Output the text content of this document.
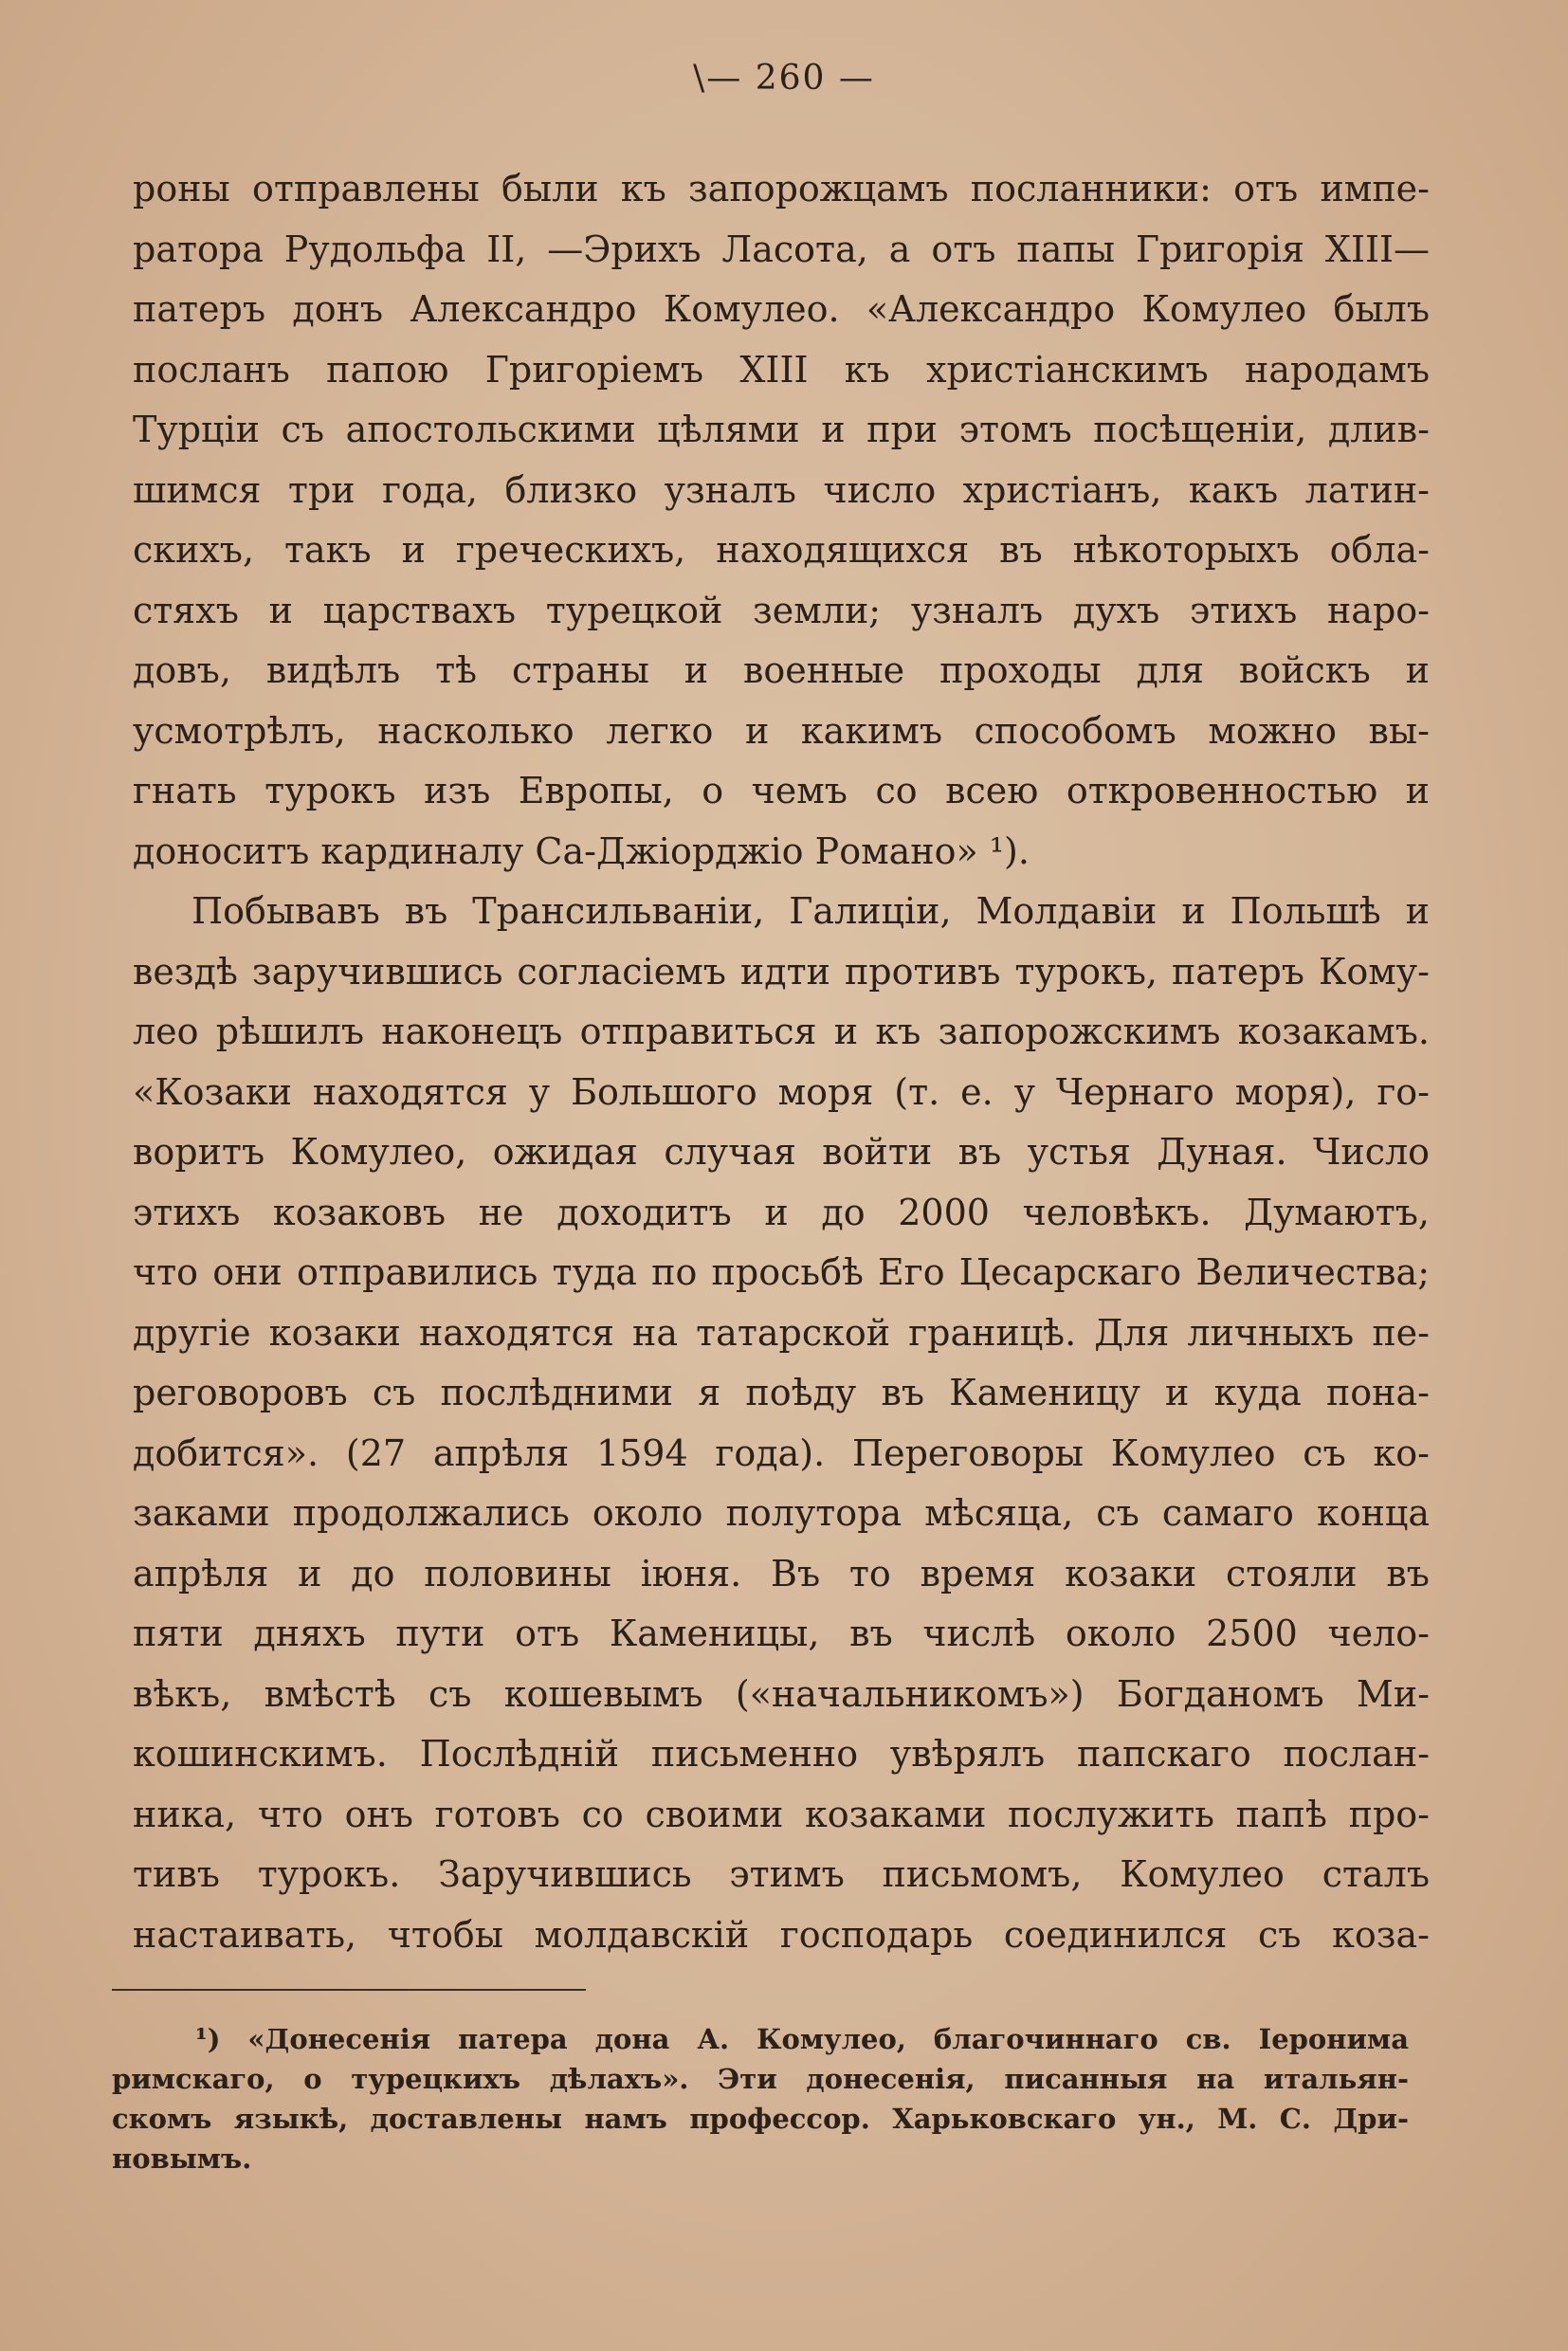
\— 260 —
роны отправлены были къ запорожцамъ посланники: отъ импе-
ратора Рудольфа II, —Эрихъ Ласота, а отъ папы Григорія XIII—
патеръ донъ Александро Комулео. «Александро Комулео былъ
посланъ папою Григоріемъ XIII къ христіанскимъ народамъ
Турціи съ апостольскими цѣлями и при этомъ посѣщеніи, длив-
шимся три года, близко узналъ число христіанъ, какъ латин-
скихъ, такъ и греческихъ, находящихся въ нѣкоторыхъ обла-
стяхъ и царствахъ турецкой земли; узналъ духъ этихъ наро-
довъ, видѣлъ тѣ страны и военные проходы для войскъ и
усмотрѣлъ, насколько легко и какимъ способомъ можно вы-
гнать турокъ изъ Европы, о чемъ со всею откровенностью и
доноситъ кардиналу Са-Джіорджіо Романо» ¹).
Побывавъ въ Трансильваніи, Галиціи, Молдавіи и Польшѣ и
вездѣ заручившись согласіемъ идти противъ турокъ, патеръ Кому-
лео рѣшилъ наконецъ отправиться и къ запорожскимъ козакамъ.
«Козаки находятся у Большого моря (т. е. у Чернаго моря), го-
воритъ Комулео, ожидая случая войти въ устья Дуная. Число
этихъ козаковъ не доходитъ и до 2000 человѣкъ. Думаютъ,
что они отправились туда по просьбѣ Его Цесарскаго Величества;
другіе козаки находятся на татарской границѣ. Для личныхъ пе-
реговоровъ съ послѣдними я поѣду въ Каменицу и куда пона-
добится». (27 апрѣля 1594 года). Переговоры Комулео съ ко-
заками продолжались около полутора мѣсяца, съ самаго конца
апрѣля и до половины іюня. Въ то время козаки стояли въ
пяти дняхъ пути отъ Каменицы, въ числѣ около 2500 чело-
вѣкъ, вмѣстѣ съ кошевымъ («начальникомъ») Богданомъ Ми-
кошинскимъ. Послѣдній письменно увѣрялъ папскаго послан-
ника, что онъ готовъ со своими козаками послужить папѣ про-
тивъ турокъ. Заручившись этимъ письмомъ, Комулео сталъ
настаивать, чтобы молдавскій господарь соединился съ коза-
¹) «Донесенія патера дона А. Комулео, благочиннаго св. Іеронима
римскаго, о турецкихъ дѣлахъ». Эти донесенія, писанныя на итальян-
скомъ языкѣ, доставлены намъ профессор. Харьковскаго ун., М. С. Дри-
новымъ.
